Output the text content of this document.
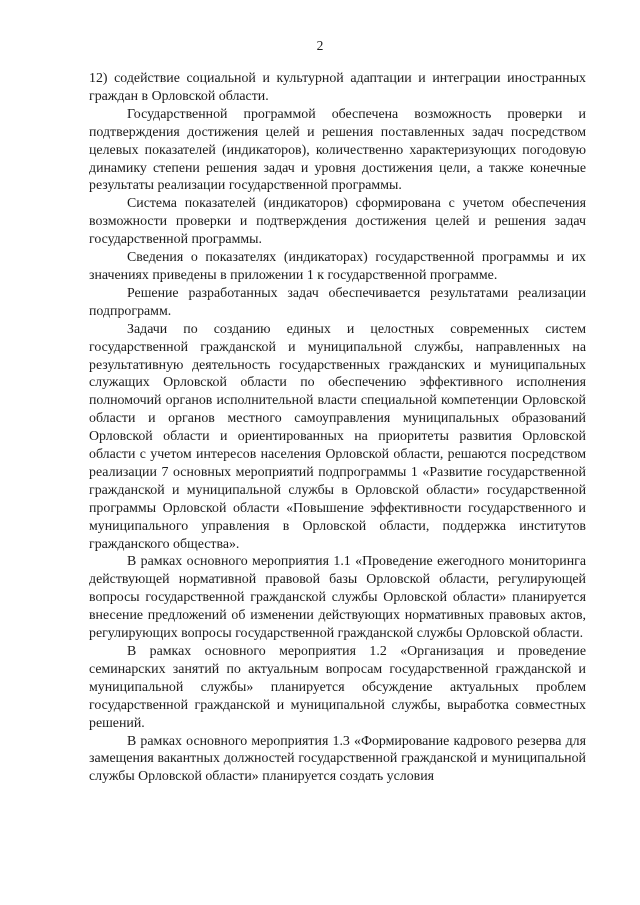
2

12) содействие социальной и культурной адаптации и интеграции иностранных граждан в Орловской области.

Государственной программой обеспечена возможность проверки и подтверждения достижения целей и решения поставленных задач посредством целевых показателей (индикаторов), количественно характеризующих погодовую динамику степени решения задач и уровня достижения цели, а также конечные результаты реализации государственной программы.

Система показателей (индикаторов) сформирована с учетом обеспечения возможности проверки и подтверждения достижения целей и решения задач государственной программы.

Сведения о показателях (индикаторах) государственной программы и их значениях приведены в приложении 1 к государственной программе.

Решение разработанных задач обеспечивается результатами реализации подпрограмм.

Задачи по созданию единых и целостных современных систем государственной гражданской и муниципальной службы, направленных на результативную деятельность государственных гражданских и муниципальных служащих Орловской области по обеспечению эффективного исполнения полномочий органов исполнительной власти специальной компетенции Орловской области и органов местного самоуправления муниципальных образований Орловской области и ориентированных на приоритеты развития Орловской области с учетом интересов населения Орловской области, решаются посредством реализации 7 основных мероприятий подпрограммы 1 «Развитие государственной гражданской и муниципальной службы в Орловской области» государственной программы Орловской области «Повышение эффективности государственного и муниципального управления в Орловской области, поддержка институтов гражданского общества».

В рамках основного мероприятия 1.1 «Проведение ежегодного мониторинга действующей нормативной правовой базы Орловской области, регулирующей вопросы государственной гражданской службы Орловской области» планируется внесение предложений об изменении действующих нормативных правовых актов, регулирующих вопросы государственной гражданской службы Орловской области.

В рамках основного мероприятия 1.2 «Организация и проведение семинарских занятий по актуальным вопросам государственной гражданской и муниципальной службы» планируется обсуждение актуальных проблем государственной гражданской и муниципальной службы, выработка совместных решений.

В рамках основного мероприятия 1.3 «Формирование кадрового резерва для замещения вакантных должностей государственной гражданской и муниципальной службы Орловской области» планируется создать условия
